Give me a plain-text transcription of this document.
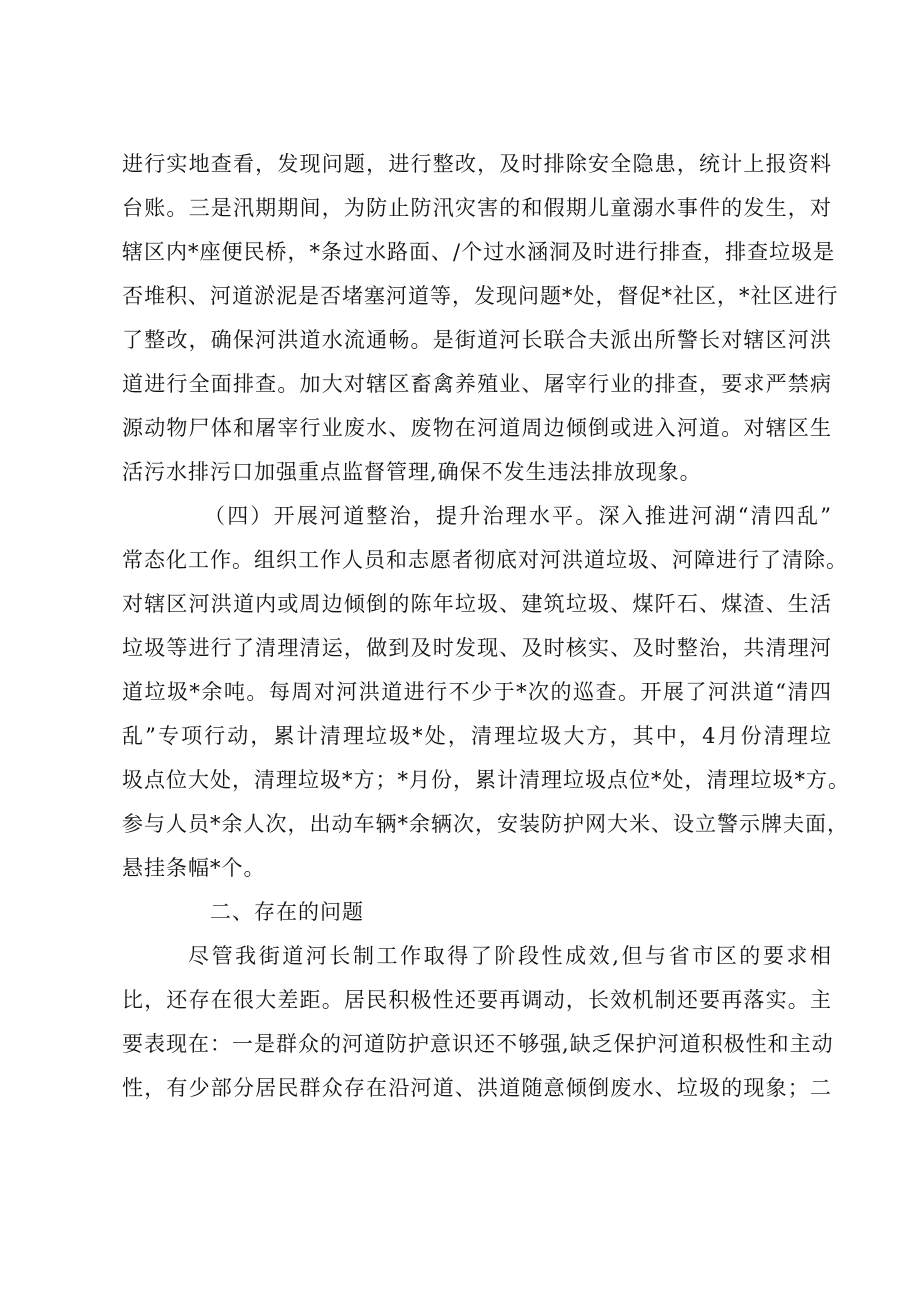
进行实地查看，发现问题，进行整改，及时排除安全隐患，统计上报资料
台账。三是汛期期间，为防止防汛灾害的和假期儿童溺水事件的发生，对
辖区内*座便民桥，*条过水路面、/个过水涵洞及时进行排查，排查垃圾是
否堆积、河道淤泥是否堵塞河道等，发现问题*处，督促*社区，*社区进行
了整改，确保河洪道水流通畅。是街道河长联合夫派出所警长对辖区河洪
道进行全面排查。加大对辖区畜禽养殖业、屠宰行业的排查，要求严禁病
源动物尸体和屠宰行业废水、废物在河道周边倾倒或进入河道。对辖区生
活污水排污口加强重点监督管理,确保不发生违法排放现象。
（四）开展河道整治，提升治理水平。深入推进河湖“清四乱”
常态化工作。组织工作人员和志愿者彻底对河洪道垃圾、河障进行了清除。
对辖区河洪道内或周边倾倒的陈年垃圾、建筑垃圾、煤阡石、煤渣、生活
垃圾等进行了清理清运，做到及时发现、及时核实、及时整治，共清理河
道垃圾*余吨。每周对河洪道进行不少于*次的巡查。开展了河洪道“清四
乱”专项行动，累计清理垃圾*处，清理垃圾大方，其中，4月份清理垃
圾点位大处，清理垃圾*方；*月份，累计清理垃圾点位*处，清理垃圾*方。
参与人员*余人次，出动车辆*余辆次，安装防护网大米、设立警示牌夫面，
悬挂条幅*个。
二、存在的问题
尽管我街道河长制工作取得了阶段性成效,但与省市区的要求相
比，还存在很大差距。居民积极性还要再调动，长效机制还要再落实。主
要表现在：一是群众的河道防护意识还不够强,缺乏保护河道积极性和主动
性，有少部分居民群众存在沿河道、洪道随意倾倒废水、垃圾的现象；二
